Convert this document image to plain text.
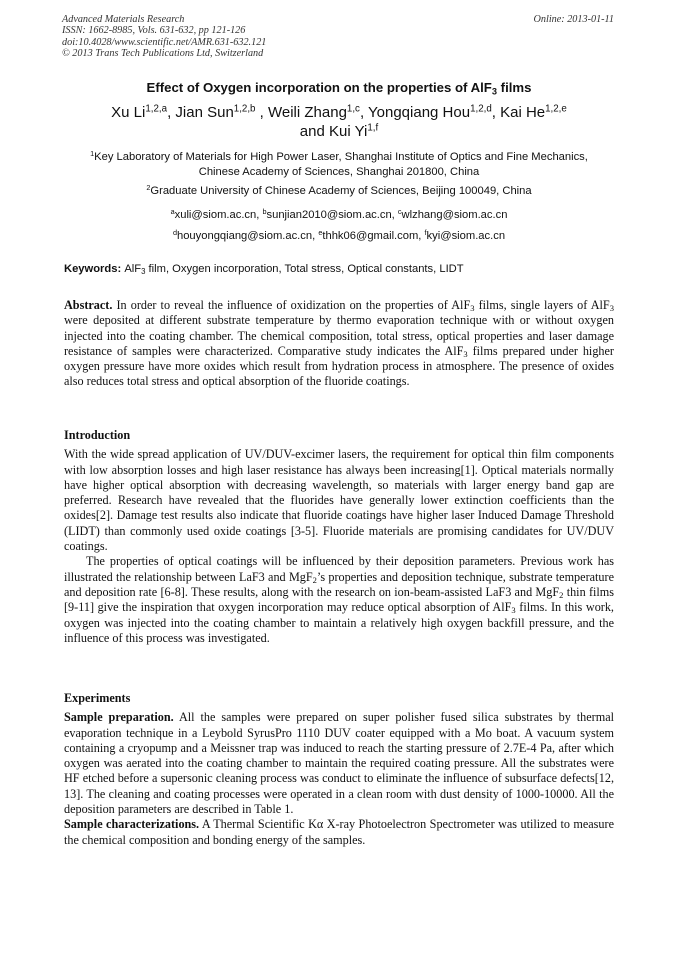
Advanced Materials Research
ISSN: 1662-8985, Vols. 631-632, pp 121-126
doi:10.4028/www.scientific.net/AMR.631-632.121
© 2013 Trans Tech Publications Ltd, Switzerland
Online: 2013-01-11
Effect of Oxygen incorporation on the properties of AlF$_3$ films
Xu Li$^{1,2,a}$, Jian Sun$^{1,2,b}$ , Weili Zhang$^{1,c}$, Yongqiang Hou$^{1,2,d}$, Kai He$^{1,2,e}$
and Kui Yi$^{1,f}$
$^1$Key Laboratory of Materials for High Power Laser, Shanghai Institute of Optics and Fine Mechanics, Chinese Academy of Sciences, Shanghai 201800, China
$^2$Graduate University of Chinese Academy of Sciences, Beijing 100049, China
$^a$xuli@siom.ac.cn, $^b$sunjian2010@siom.ac.cn, $^c$wlzhang@siom.ac.cn
$^d$houyongqiang@siom.ac.cn, $^e$thhk06@gmail.com, $^f$kyi@siom.ac.cn
Keywords: AlF$_3$ film, Oxygen incorporation, Total stress, Optical constants, LIDT

Abstract. In order to reveal the influence of oxidization on the properties of AlF$_3$ films, single layers of AlF$_3$ were deposited at different substrate temperature by thermo evaporation technique with or without oxygen injected into the coating chamber. The chemical composition, total stress, optical properties and laser damage resistance of samples were characterized. Comparative study indicates the AlF$_3$ films prepared under higher oxygen pressure have more oxides which result from hydration process in atmosphere. The presence of oxides also reduces total stress and optical absorption of the fluoride coatings.

Introduction

With the wide spread application of UV/DUV-excimer lasers, the requirement for optical thin film components with low absorption losses and high laser resistance has always been increasing[1]. Optical materials normally have higher optical absorption with decreasing wavelength, so materials with larger energy band gap are preferred. Research have revealed that the fluorides have generally lower extinction coefficients than the oxides[2]. Damage test results also indicate that fluoride coatings have higher laser Induced Damage Threshold (LIDT) than commonly used oxide coatings [3-5]. Fluoride materials are promising candidates for UV/DUV coatings.

The properties of optical coatings will be influenced by their deposition parameters. Previous work has illustrated the relationship between LaF3 and MgF$_2$’s properties and deposition technique, substrate temperature and deposition rate [6-8]. These results, along with the research on ion-beam-assisted LaF3 and MgF$_2$ thin films [9-11] give the inspiration that oxygen incorporation may reduce optical absorption of AlF$_3$ films. In this work, oxygen was injected into the coating chamber to maintain a relatively high oxygen backfill pressure, and the influence of this process was investigated.

Experiments

Sample preparation. All the samples were prepared on super polisher fused silica substrates by thermal evaporation technique in a Leybold SyrusPro 1110 DUV coater equipped with a Mo boat. A vacuum system containing a cryopump and a Meissner trap was induced to reach the starting pressure of 2.7E-4 Pa, after which oxygen was aerated into the coating chamber to maintain the required coating pressure. All the substrates were HF etched before a supersonic cleaning process was conduct to eliminate the influence of subsurface defects[12, 13]. The cleaning and coating processes were operated in a clean room with dust density of 1000-10000. All the deposition parameters are described in Table 1.

Sample characterizations. A Thermal Scientific Kα X-ray Photoelectron Spectrometer was utilized to measure the chemical composition and bonding energy of the samples.
